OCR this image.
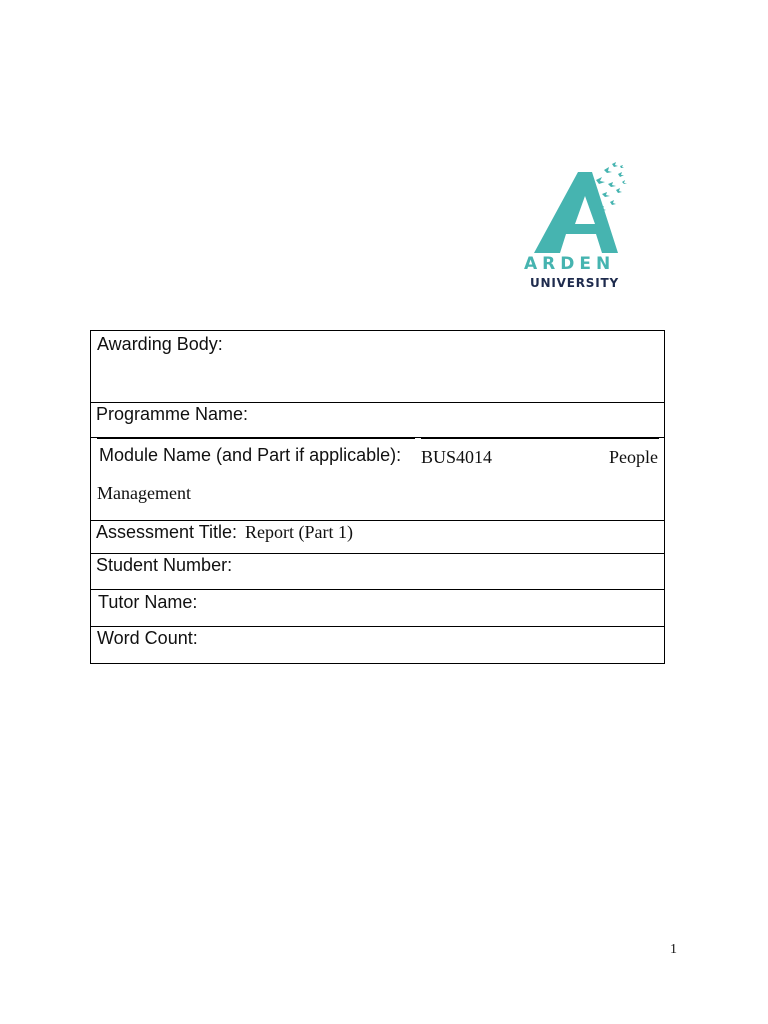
ARDEN
UNIVERSITY
Awarding Body:
Programme Name:
Module Name (and Part if applicable): BUS4014	People
Management
Assessment Title: Report (Part 1)
Student Number:
Tutor Name:
Word Count:
1
